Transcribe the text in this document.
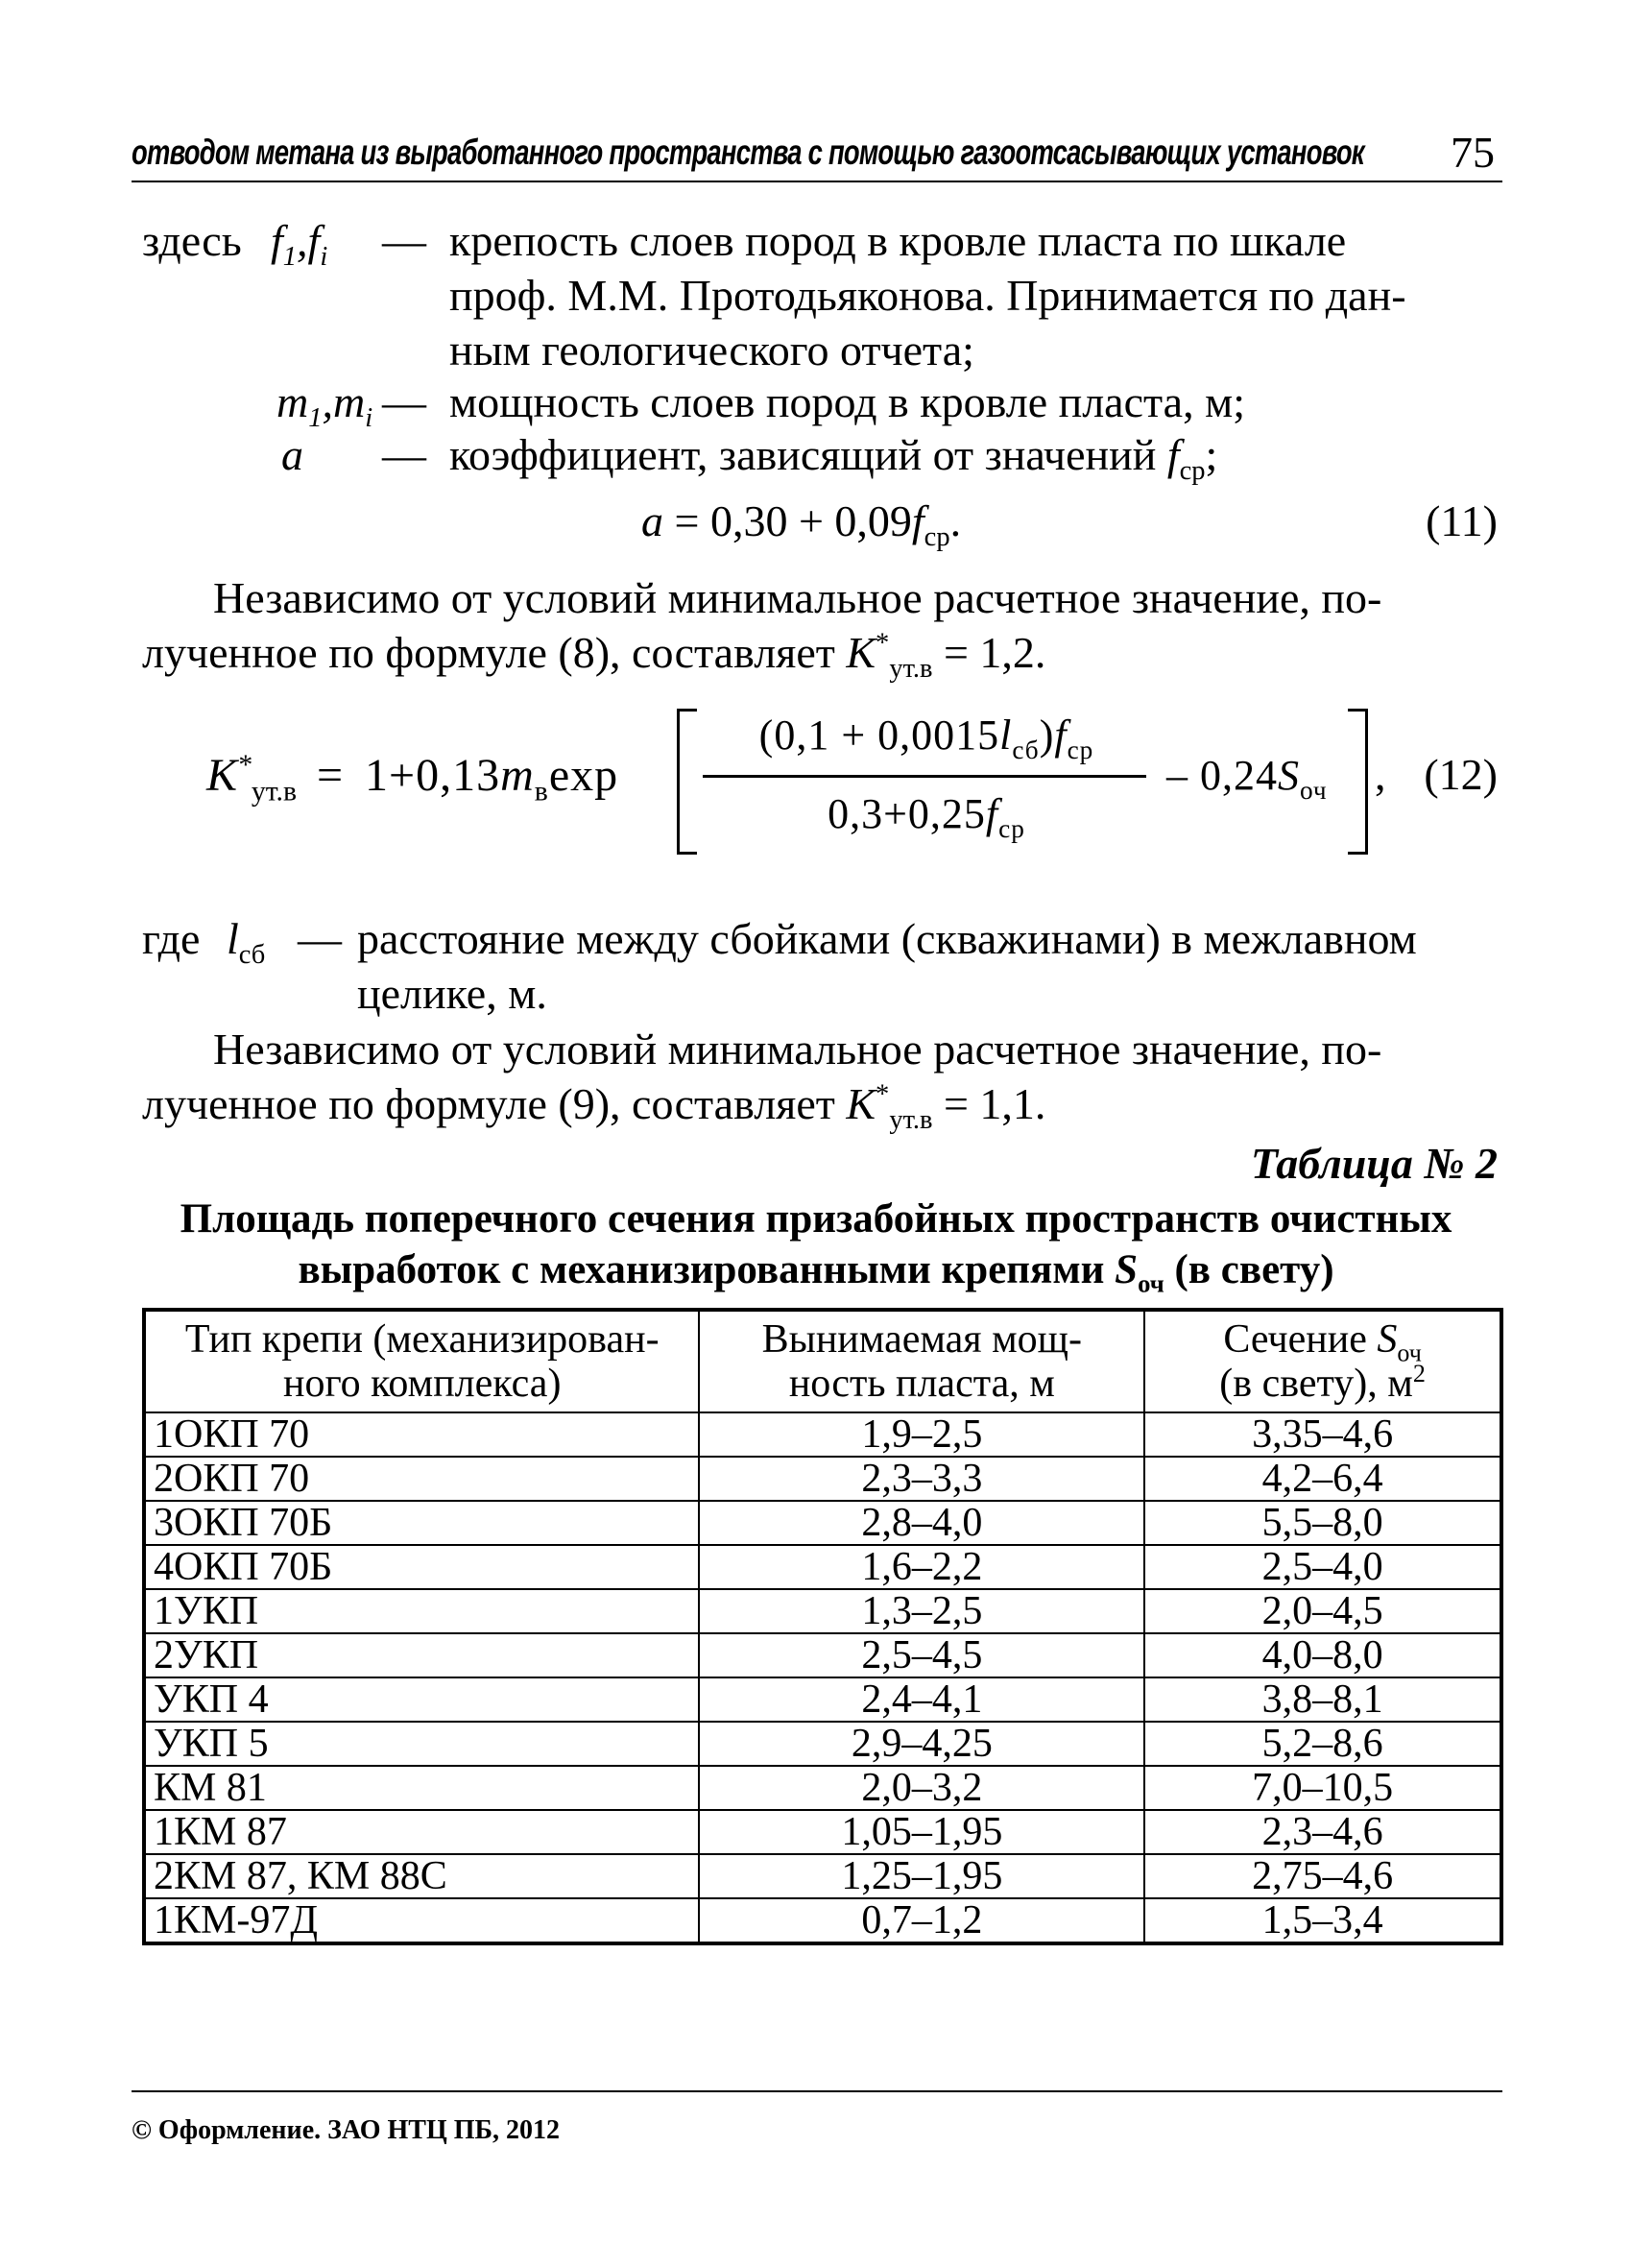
отводом метана из выработанного пространства с помощью газоотсасывающих установок 75
здесь $f_1,f_i$ — крепость слоев пород в кровле пласта по шкале
проф. М.М. Протодьяконова. Принимается по дан-
ным геологического отчета;
$m_1,m_i$ — мощность слоев пород в кровле пласта, м;
a — коэффициент, зависящий от значений $f_{ср}$;
$a = 0,30 + 0,09f_{ср}$.	(11)
Независимо от условий минимальное расчетное значение, по-
лученное по формуле (8), составляет $K^*_{ут.в} = 1,2$.
$K^*_{ут.в} = 1+0,13m_в\exp$
$(0,1 + 0,0015l_{сб})f_{ср}$
$0,3+0,25f_{ср}$
– $0,24S_{оч}$ , (12)
где $l_{сб}$ — расстояние между сбойками (скважинами) в межлавном
целике, м.
Независимо от условий минимальное расчетное значение, по-
лученное по формуле (9), составляет $K^*_{ут.в} = 1,1$.
Таблица № 2
Площадь поперечного сечения призабойных пространств очистных
выработок с механизированными крепями $S_{оч}$ (в свету)
Тип крепи (механизирован-
ного комплекса)	Вынимаемая мощ-
ность пласта, м	Сечение $S_{оч}$
(в свету), $м^2$
1ОКП 70	1,9–2,5	3,35–4,6
2ОКП 70	2,3–3,3	4,2–6,4
3ОКП 70Б	2,8–4,0	5,5–8,0
4ОКП 70Б	1,6–2,2	2,5–4,0
1УКП	1,3–2,5	2,0–4,5
2УКП	2,5–4,5	4,0–8,0
УКП 4	2,4–4,1	3,8–8,1
УКП 5	2,9–4,25	5,2–8,6
КМ 81	2,0–3,2	7,0–10,5
1КМ 87	1,05–1,95	2,3–4,6
2КМ 87, КМ 88С	1,25–1,95	2,75–4,6
1КМ-97Д	0,7–1,2	1,5–3,4
© Оформление. ЗАО НТЦ ПБ, 2012
